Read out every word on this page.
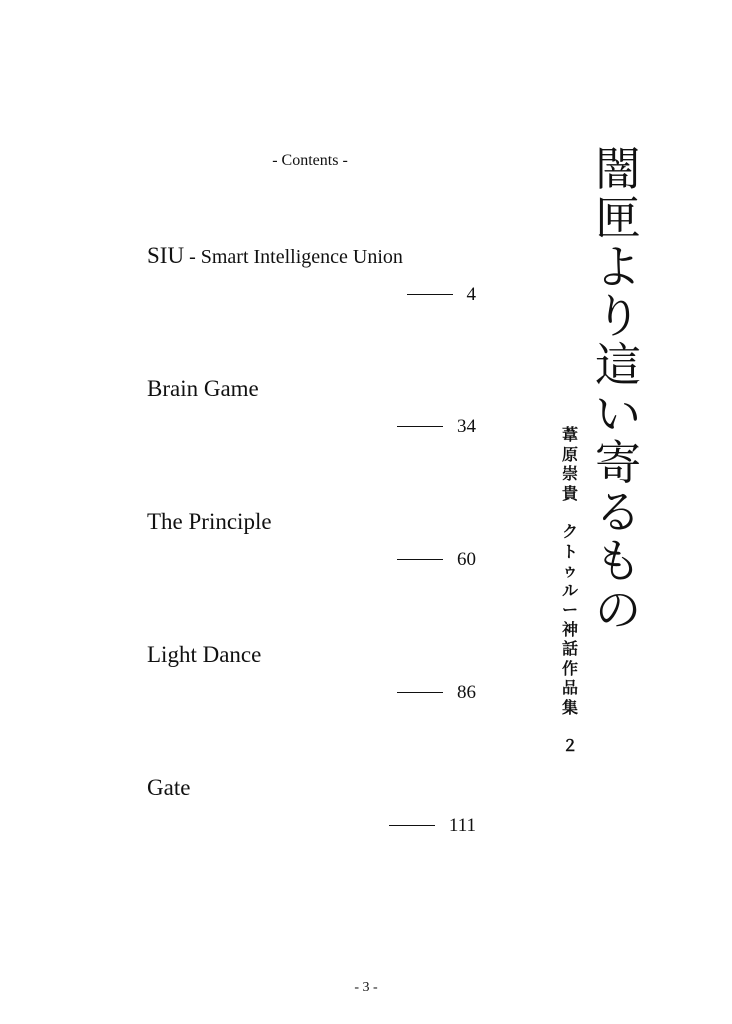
- Contents -
SIU - Smart Intelligence Union
4
Brain Game
34
The Principle
60
Light Dance
86
Gate
111
闇
匣
よ
り
這
い
寄
る
も
の
葦
原
崇
貴

ク
ト
ゥ
ル
ー
神
話
作
品
集

２
- 3 -
